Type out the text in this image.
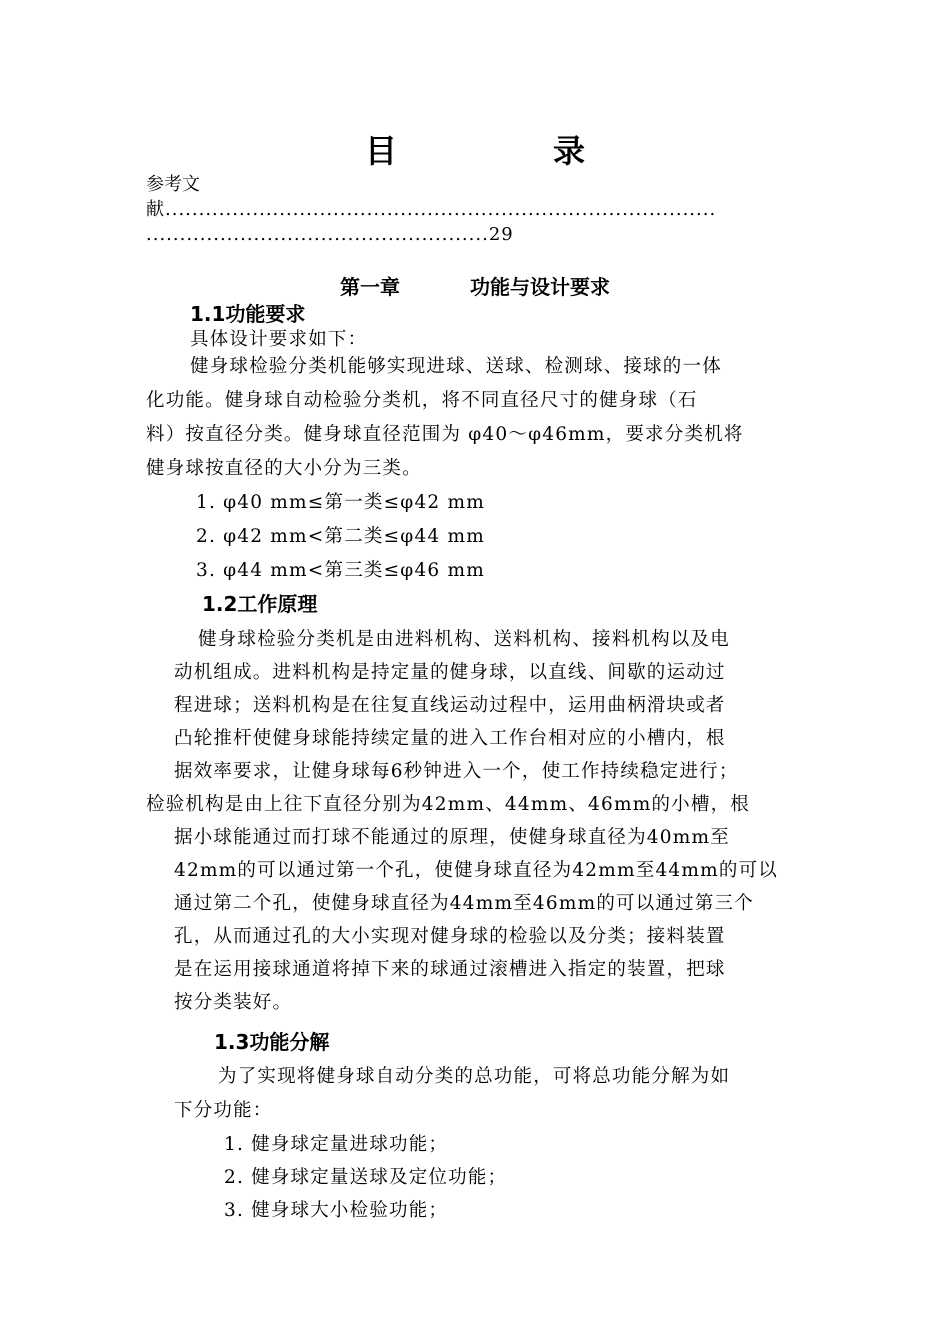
目　录
参考文
献..................................................................................
...................................................29
第一章	功能与设计要求
1.1功能要求
具体设计要求如下：
健身球检验分类机能够实现进球、送球、检测球、接球的一体
化功能。健身球自动检验分类机，将不同直径尺寸的健身球（石
料）按直径分类。健身球直径范围为 φ40～φ46mm，要求分类机将
健身球按直径的大小分为三类。
1. φ40 mm≤第一类≤φ42 mm
2. φ42 mm<第二类≤φ44 mm
3. φ44 mm<第三类≤φ46 mm
1.2工作原理
健身球检验分类机是由进料机构、送料机构、接料机构以及电
动机组成。进料机构是持定量的健身球，以直线、间歇的运动过
程进球；送料机构是在往复直线运动过程中，运用曲柄滑块或者
凸轮推杆使健身球能持续定量的进入工作台相对应的小槽内，根
据效率要求，让健身球每6秒钟进入一个，使工作持续稳定进行；
检验机构是由上往下直径分别为42mm、44mm、46mm的小槽，根
据小球能通过而打球不能通过的原理，使健身球直径为40mm至
42mm的可以通过第一个孔，使健身球直径为42mm至44mm的可以
通过第二个孔，使健身球直径为44mm至46mm的可以通过第三个
孔，从而通过孔的大小实现对健身球的检验以及分类；接料装置
是在运用接球通道将掉下来的球通过滚槽进入指定的装置，把球
按分类装好。
1.3功能分解
为了实现将健身球自动分类的总功能，可将总功能分解为如
下分功能：
1. 健身球定量进球功能；
2. 健身球定量送球及定位功能；
3. 健身球大小检验功能；
